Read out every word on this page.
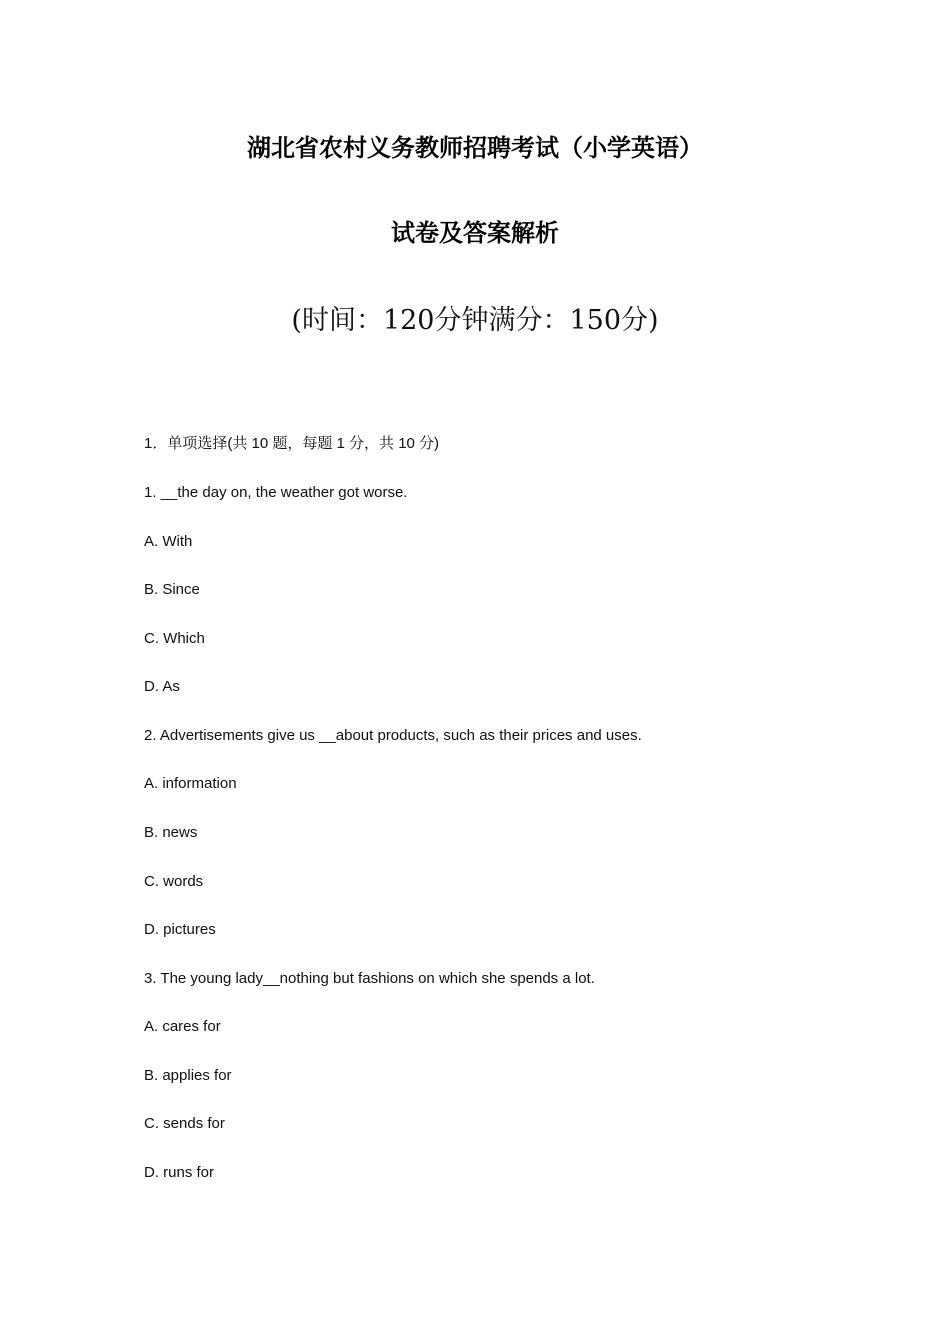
湖北省农村义务教师招聘考试（小学英语）
试卷及答案解析
(时间：120分钟满分：150分)
1．单项选择(共 10 题，每题 1 分，共 10 分)
1. __the day on, the weather got worse.
A. With
B. Since
C. Which
D. As
2. Advertisements give us __about products, such as their prices and uses.
A. information
B. news
C. words
D. pictures
3. The young lady__nothing but fashions on which she spends a lot.
A. cares for
B. applies for
C. sends for
D. runs for
